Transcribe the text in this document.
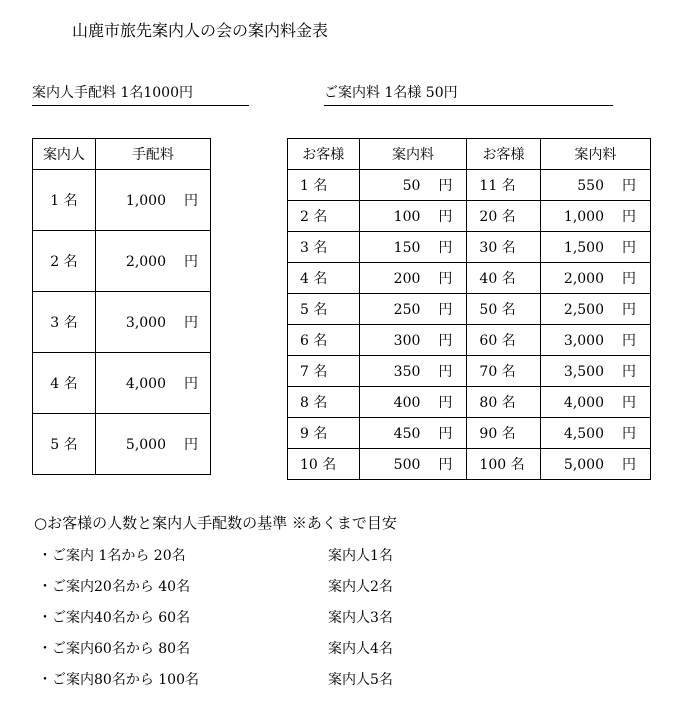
山鹿市旅先案内人の会の案内料金表
案内人手配料 1名1000円	ご案内料 1名様 50円
案内人	手配料
1 名	1,000 円
2 名	2,000 円
3 名	3,000 円
4 名	4,000 円
5 名	5,000 円
お客様	案内料	お客様	案内料
1 名	50 円	11 名	550 円
2 名	100 円	20 名	1,000 円
3 名	150 円	30 名	1,500 円
4 名	200 円	40 名	2,000 円
5 名	250 円	50 名	2,500 円
6 名	300 円	60 名	3,000 円
7 名	350 円	70 名	3,500 円
8 名	400 円	80 名	4,000 円
9 名	450 円	90 名	4,500 円
10 名	500 円	100 名	5,000 円
○お客様の人数と案内人手配数の基準 ※あくまで目安
・ご案内 1名から 20名	案内人1名
・ご案内20名から 40名	案内人2名
・ご案内40名から 60名	案内人3名
・ご案内60名から 80名	案内人4名
・ご案内80名から 100名	案内人5名
